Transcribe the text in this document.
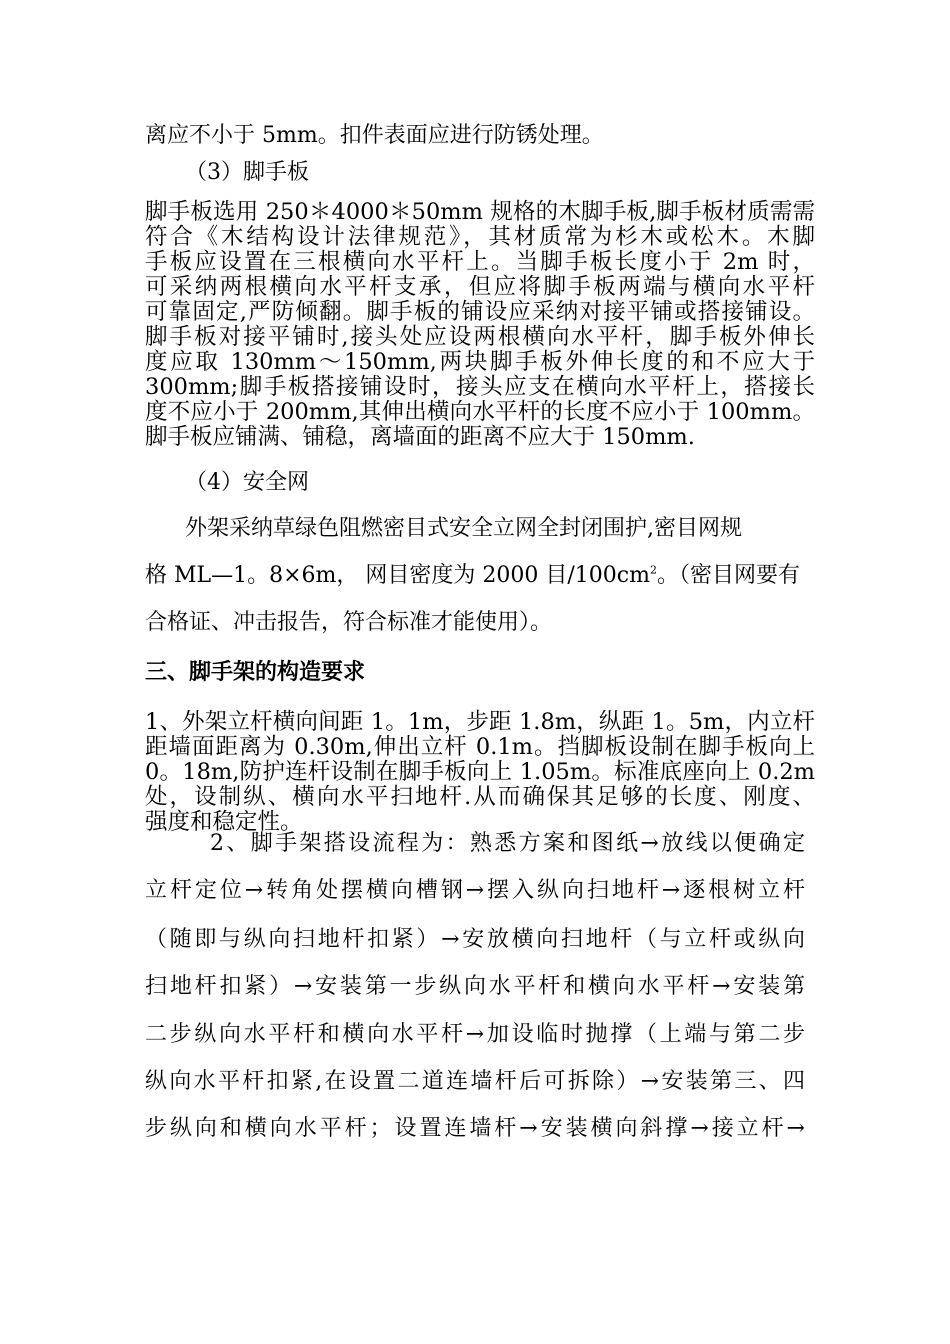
离应不小于 5mm。扣件表面应进行防锈处理。
（3）脚手板
脚手板选用 250＊4000＊50mm 规格的木脚手板,脚手板材质需需
符合《木结构设计法律规范》，其材质常为杉木或松木。木脚
手板应设置在三根横向水平杆上。当脚手板长度小于 2m 时，
可采纳两根横向水平杆支承，但应将脚手板两端与横向水平杆
可靠固定,严防倾翻。脚手板的铺设应采纳对接平铺或搭接铺设。
脚手板对接平铺时,接头处应设两根横向水平杆，脚手板外伸长
度应取 130mm～150mm,两块脚手板外伸长度的和不应大于
300mm;脚手板搭接铺设时，接头应支在横向水平杆上，搭接长
度不应小于 200mm,其伸出横向水平杆的长度不应小于 100mm。
脚手板应铺满、铺稳，离墙面的距离不应大于 150mm.
（4）安全网
外架采纳草绿色阻燃密目式安全立网全封闭围护,密目网规
格 ML—1。8×6m， 网目密度为 2000 目$/100cm^2$。（密目网要有
合格证、冲击报告，符合标准才能使用）。
三、脚手架的构造要求
1、外架立杆横向间距 1。1m，步距 1.8m，纵距 1。5m，内立杆
距墙面距离为 0.30m,伸出立杆 0.1m。挡脚板设制在脚手板向上
0。18m,防护连杆设制在脚手板向上 1.05m。标准底座向上 0.2m
处，设制纵、横向水平扫地杆.从而确保其足够的长度、刚度、
强度和稳定性。
2、脚手架搭设流程为：熟悉方案和图纸→放线以便确定
立杆定位→转角处摆横向槽钢→摆入纵向扫地杆→逐根树立杆
（随即与纵向扫地杆扣紧）→安放横向扫地杆（与立杆或纵向
扫地杆扣紧）→安装第一步纵向水平杆和横向水平杆→安装第
二步纵向水平杆和横向水平杆→加设临时抛撑（上端与第二步
纵向水平杆扣紧,在设置二道连墙杆后可拆除）→安装第三、四
步纵向和横向水平杆；设置连墙杆→安装横向斜撑→接立杆→
